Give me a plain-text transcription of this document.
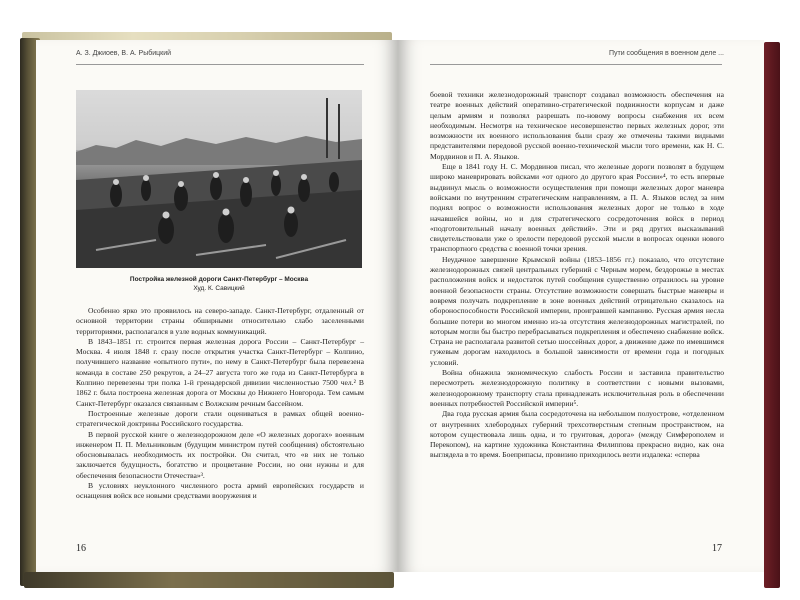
А. З. Джиоев, В. А. Рыбицкий
Постройка железной дороги Санкт-Петербург – Москва
Худ. К. Савицкий

Особенно ярко это проявилось на северо-западе. Санкт-Петербург, отдаленный от основной территории страны обширными относительно слабо заселенными территориями, располагался в узле водных коммуникаций.

В 1843–1851 гг. строится первая железная дорога России – Санкт-Петербург – Москва. 4 июля 1848 г. сразу после открытия участка Санкт-Петербург – Колпино, получившего название «опытного пути», по нему в Санкт-Петербург была перевезена команда в составе 250 рекрутов, а 24–27 августа того же года из Санкт-Петербурга в Колпино перевезены три полка 1-й гренадерской дивизии численностью 7500 чел.² В 1862 г. была построена железная дорога от Москвы до Нижнего Новгорода. Тем самым Санкт-Петербург оказался связанным с Волжским речным бассейном.

Построенные железные дороги стали оцениваться в рамках общей военно-стратегической доктрины Российского государства.

В первой русской книге о железнодорожном деле «О железных дорогах» военным инженером П. П. Мельниковым (будущим министром путей сообщения) обстоятельно обосновывалась необходимость их постройки. Он считал, что «в них не только заключается будущность, богатство и процветание России, но они нужны и для обеспечения безопасности Отечества»³.

В условиях неуклонного численного роста армий европейских государств и оснащения войск все новыми средствами вооружения и

16
Пути сообщения в военном деле ...

боевой техники железнодорожный транспорт создавал возможность обеспечения на театре военных действий оперативно-стратегической подвижности корпусам и даже целым армиям и позволял разрешать по-новому вопросы снабжения их всем необходимым. Несмотря на техническое несовершенство первых железных дорог, эти возможности их военного использования были сразу же отмечены такими видными представителями передовой русской военно-технической мысли того времени, как Н. С. Мордвинов и П. А. Языков.

Еще в 1841 году Н. С. Мордвинов писал, что железные дороги позволят в будущем широко маневрировать войсками «от одного до другого края России»⁴, то есть впервые выдвинул мысль о возможности осуществления при помощи железных дорог маневра войсками по внутренним стратегическим направлениям, а П. А. Языков вслед за ним поднял вопрос о возможности использования железных дорог не только в ходе начавшейся войны, но и для стратегического сосредоточения войск в период «подготовительный началу военных действий». Эти и ряд других высказываний свидетельствовали уже о зрелости передовой русской мысли в вопросах оценки нового транспортного средства с военной точки зрения.

Неудачное завершение Крымской войны (1853–1856 гг.) показало, что отсутствие железнодорожных связей центральных губерний с Черным морем, бездорожье в местах расположения войск и недостаток путей сообщения существенно отразилось на уровне военной безопасности страны. Отсутствие возможности совершать быстрые маневры и вовремя получать подкрепление в зоне военных действий отрицательно сказалось на обороноспособности Российской империи, проигравшей кампанию. Русская армия несла большие потери во многом именно из-за отсутствия железнодорожных магистралей, по которым могли бы быстро перебрасываться подкрепления и обеспечено снабжение войск. Страна не располагала развитой сетью шоссейных дорог, а движение даже по имевшимся гужевым дорогам находилось в большой зависимости от времени года и погодных условий.

Война обнажила экономическую слабость России и заставила правительство пересмотреть железнодорожную политику в соответствии с новыми вызовами, железнодорожному транспорту стала принадлежать исключительная роль в обеспечении военных потребностей Российской империи⁵.

Два года русская армия была сосредоточена на небольшом полуострове, «отделенном от внутренних хлебородных губерний трехсотверстным степным пространством, на котором существовала лишь одна, и то грунтовая, дорога» (между Симферополем и Перекопом), на картине художника Константина Филиппова прекрасно видно, как она выглядела в то время. Боеприпасы, провизию приходилось везти издалека: «сперва

17
